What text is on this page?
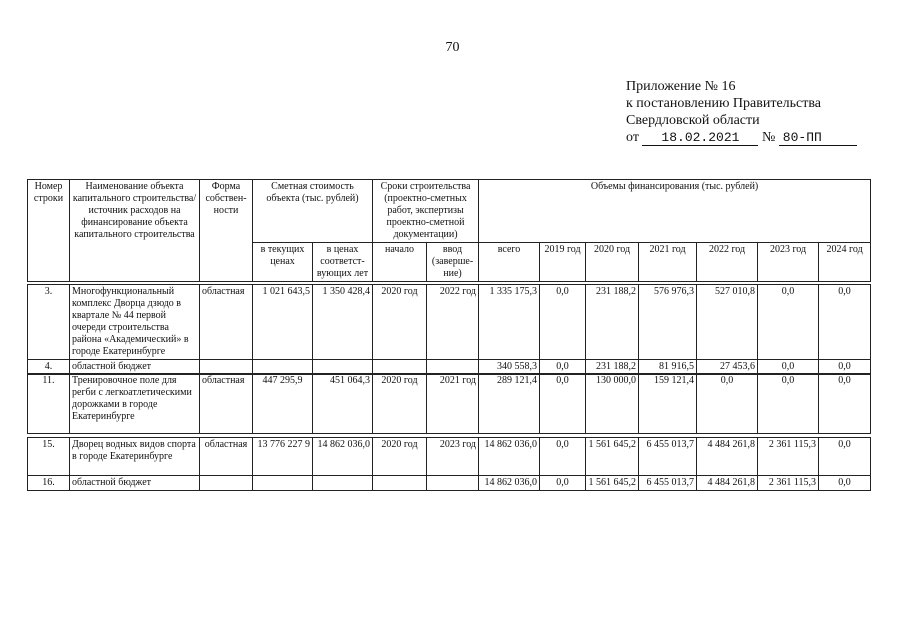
70
Приложение № 16
к постановлению Правительства
Свердловской области
от 18.02.2021 № 80-ПП
Номер строки	Наименование объекта капитального строительства/источник расходов на финансирование объекта капитального строительства	Форма собствен-ности	Сметная стоимость объекта (тыс. рублей)		Сроки строительства (проектно-сметных работ, экспертизы проектно-сметной документации)		Объемы финансирования (тыс. рублей)						
			в текущих ценах	в ценах соответст-вующих лет	начало	ввод (заверше-ние)	всего	2019 год	2020 год	2021 год	2022 год	2023 год	2024 год
3.	Многофункциональный комплекс Дворца дзюдо в квартале № 44 первой очереди строительства района «Академический» в городе Екатеринбурге	областная	1 021 643,5	1 350 428,4	2020 год	2022 год	1 335 175,3	0,0	231 188,2	576 976,3	527 010,8	0,0	0,0
4.	областной бюджет						340 558,3	0,0	231 188,2	81 916,5	27 453,6	0,0	0,0
11.	Тренировочное поле для регби с легкоатлетическими дорожками в городе Екатеринбурге	областная	447 295,9	451 064,3	2020 год	2021 год	289 121,4	0,0	130 000,0	159 121,4	0,0	0,0	0,0
15.	Дворец водных видов спорта в городе Екатеринбурге	областная	13 776 227 9	14 862 036,0	2020 год	2023 год	14 862 036,0	0,0	1 561 645,2	6 455 013,7	4 484 261,8	2 361 115,3	0,0
16.	областной бюджет						14 862 036,0	0,0	1 561 645,2	6 455 013,7	4 484 261,8	2 361 115,3	0,0
